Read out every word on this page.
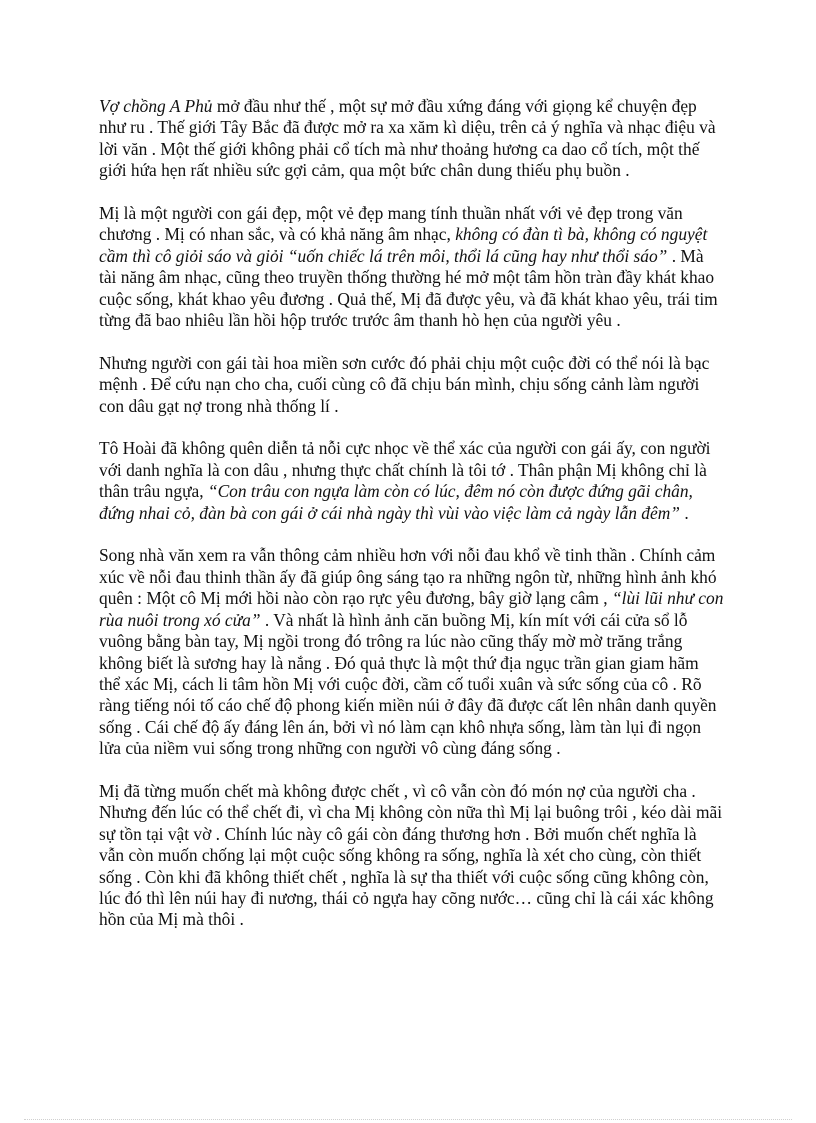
Vợ chồng A Phủ mở đầu như thế , một sự mở đầu xứng đáng với giọng kể chuyện đẹp như ru . Thế giới Tây Bắc đã được mở ra xa xăm kì diệu, trên cả ý nghĩa và nhạc điệu và lời văn . Một thế giới không phải cổ tích mà như thoảng hương ca dao cổ tích, một thế giới hứa hẹn rất nhiều sức gợi cảm, qua một bức chân dung thiếu phụ buồn .

Mị là một người con gái đẹp, một vẻ đẹp mang tính thuần nhất với vẻ đẹp trong văn chương . Mị có nhan sắc, và có khả năng âm nhạc, không có đàn tì bà, không có nguyệt cầm thì cô giỏi sáo và giỏi “uốn chiếc lá trên môi, thổi lá cũng hay như thổi sáo” . Mà tài năng âm nhạc, cũng theo truyền thống thường hé mở một tâm hồn tràn đầy khát khao cuộc sống, khát khao yêu đương . Quả thế, Mị đã được yêu, và đã khát khao yêu, trái tim từng đã bao nhiêu lần hồi hộp trước trước âm thanh hò hẹn của người yêu .

Nhưng người con gái tài hoa miền sơn cước đó phải chịu một cuộc đời có thể nói là bạc mệnh . Để cứu nạn cho cha, cuối cùng cô đã chịu bán mình, chịu sống cảnh làm người con dâu gạt nợ trong nhà thống lí .

Tô Hoài đã không quên diễn tả nỗi cực nhọc về thể xác của người con gái ấy, con người với danh nghĩa là con dâu , nhưng thực chất chính là tôi tớ . Thân phận Mị không chỉ là thân trâu ngựa, “Con trâu con ngựa làm còn có lúc, đêm nó còn được đứng gãi chân, đứng nhai cỏ, đàn bà con gái ở cái nhà ngày thì vùi vào việc làm cả ngày lẫn đêm” .

Song nhà văn xem ra vẫn thông cảm nhiều hơn với nỗi đau khổ về tinh thần . Chính cảm xúc về nỗi đau thinh thần ấy đã giúp ông sáng tạo ra những ngôn từ, những hình ảnh khó quên : Một cô Mị mới hồi nào còn rạo rực yêu đương, bây giờ lạng câm , “lùi lũi như con rùa nuôi trong xó cửa” . Và nhất là hình ảnh căn buồng Mị, kín mít với cái cửa sổ lỗ vuông bằng bàn tay, Mị ngồi trong đó trông ra lúc nào cũng thấy mờ mờ trăng trắng không biết là sương hay là nắng . Đó quả thực là một thứ địa ngục trần gian giam hãm thể xác Mị, cách li tâm hồn Mị với cuộc đời, cầm cố tuổi xuân và sức sống của cô . Rõ ràng tiếng nói tố cáo chế độ phong kiến miền núi ở đây đã được cất lên nhân danh quyền sống . Cái chế độ ấy đáng lên án, bởi vì nó làm cạn khô nhựa sống, làm tàn lụi đi ngọn lửa của niềm vui sống trong những con người vô cùng đáng sống .

Mị đã từng muốn chết mà không được chết , vì cô vẫn còn đó món nợ của người cha . Nhưng đến lúc có thể chết đi, vì cha Mị không còn nữa thì Mị lại buông trôi , kéo dài mãi sự tồn tại vật vờ . Chính lúc này cô gái còn đáng thương hơn . Bởi muốn chết nghĩa là vẫn còn muốn chống lại một cuộc sống không ra sống, nghĩa là xét cho cùng, còn thiết sống . Còn khi đã không thiết chết , nghĩa là sự tha thiết với cuộc sống cũng không còn, lúc đó thì lên núi hay đi nương, thái cỏ ngựa hay cõng nước… cũng chỉ là cái xác không hồn của Mị mà thôi .
